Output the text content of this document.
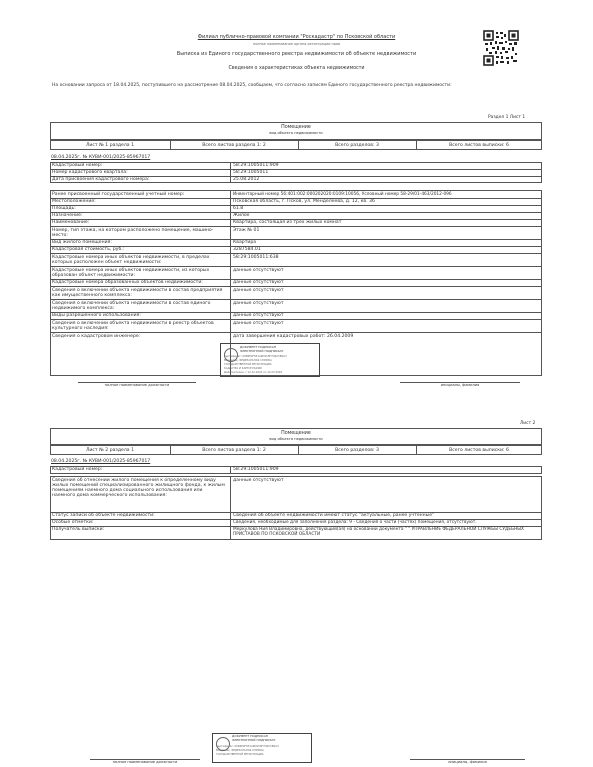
Филиал публично-правовой компании "Роскадастр" по Псковской области
полное наименование органа регистрации прав
Выписка из Единого государственного реестра недвижимости об объекте недвижимости
Сведения о характеристиках объекта недвижимости
На основании запроса от 18.04.2025, поступившего на рассмотрение 08.04.2025, сообщаем, что согласно записям Единого государственного реестра недвижимости:
Раздел 1 Лист 1
Помещение
вид объекта недвижимости
Лист № 1 раздела 1	Всего листов раздела 1: 2	Всего разделов: 3	Всего листов выписки: 6
08.04.2025г. № КУВИ-001/2025-85967017
Кадастровый номер:	58:29:1005011:909
Номер кадастрового квартала:	58:29:1005011
Дата присвоения кадастрового номера:	25.08.2012
Ранее присвоенный государственный учетный номер:	Инвентарный номер 56:401:002:000202020:0109:10056, Условный номер 58-29/01-463/2012-096
Местоположение:	Псковская область, г. Псков, ул. Менделеева, д. 12, кв. 36
Площадь:	61.8
Назначение:	Жилое
Наименование:	Квартира, состоящая из трех жилых комнат
Номер, тип этажа, на котором расположено помещение, машино-место:
Этаж № 01
Вид жилого помещения:	Квартира
Кадастровая стоимость, руб.:	3287584.01
Кадастровые номера иных объектов недвижимости, в пределах которых расположен объект недвижимости:
58:29:1005011:638
Кадастровые номера иных объектов недвижимости, из которых образован объект недвижимости:
данные отсутствуют
Кадастровые номера образованных объектов недвижимости:	данные отсутствуют
Сведения о включении объекта недвижимости в состав предприятия как имущественного комплекса:
данные отсутствуют
Сведения о включении объекта недвижимости в состав единого недвижимого комплекса:
данные отсутствуют
Виды разрешенного использования:	данные отсутствуют
Сведения о включении объекта недвижимости в реестр объектов культурного наследия:
данные отсутствуют
Сведения о кадастровом инженере:	дата завершения кадастровых работ: 26.04.2009
ДОКУМЕНТ ПОДПИСАН
ЭЛЕКТРОННОЙ ПОДПИСЬЮ
Сертификат: 00B4E4F5E1A9D9C8F7D6C5B4A3
Владелец: ФЕДЕРАЛЬНАЯ СЛУЖБА
ГОСУДАРСТВЕННОЙ РЕГИСТРАЦИИ,
КАДАСТРА И КАРТОГРАФИИ
Действителен: с 12.12.2024 по 12.03.2026
полное наименование должности	инициалы, фамилия
Лист 2
Помещение
вид объекта недвижимости
Лист № 2 раздела 1	Всего листов раздела 1: 2	Всего разделов: 3	Всего листов выписки: 6
08.04.2025г. № КУВИ-001/2025-85967017
Кадастровый номер:	58:29:1005011:909
Сведения об отнесении жилого помещения к определенному виду жилых помещений специализированного жилищного фонда, к жилым помещениям наемного дома социального использования или наемного дома коммерческого использования:
данные отсутствуют
Статус записи об объекте недвижимости:	Сведения об объекте недвижимости имеют статус "актуальные, ранее учтенные"
Особые отметки:	Сведения, необходимые для заполнения раздела: 9 - Сведения о части (частях) помещения, отсутствуют.
Получатель выписки:	Меркулова Ния Владимировна, действующий(ая) на основании документа " " УПРАВЛЕНИЕ ФЕДЕРАЛЬНОЙ СЛУЖБЫ СУДЕБНЫХ ПРИСТАВОВ ПО ПСКОВСКОЙ ОБЛАСТИ
ДОКУМЕНТ ПОДПИСАН
ЭЛЕКТРОННОЙ ПОДПИСЬЮ
Сертификат: 00B4E4F5E1A9D9C8F7D6C5B4A3
Владелец: ФЕДЕРАЛЬНАЯ СЛУЖБА
ГОСУДАРСТВЕННОЙ РЕГИСТРАЦИИ,
полное наименование должности	инициалы, фамилия
